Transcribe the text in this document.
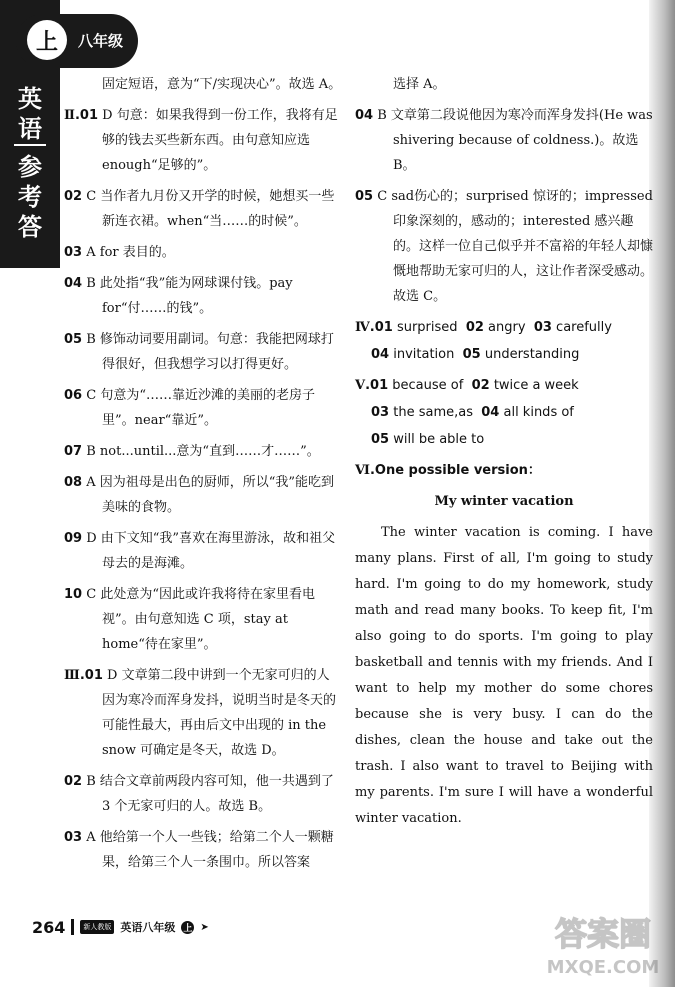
英
语
参
考
答
上	八年级
固定短语，意为“下/实现决心”。故选 A。
Ⅱ.01 D 句意：如果我得到一份工作，我将有足够的钱去买些新东西。由句意知应选 enough“足够的”。
02 C 当作者九月份又开学的时候，她想买一些新连衣裙。when“当……的时候”。
03 A for 表目的。
04 B 此处指“我”能为网球课付钱。pay for“付……的钱”。
05 B 修饰动词要用副词。句意：我能把网球打得很好，但我想学习以打得更好。
06 C 句意为“……靠近沙滩的美丽的老房子里”。near“靠近”。
07 B not...until...意为“直到……才……”。
08 A 因为祖母是出色的厨师，所以“我”能吃到美味的食物。
09 D 由下文知“我”喜欢在海里游泳，故和祖父母去的是海滩。
10 C 此处意为“因此或许我将待在家里看电视”。由句意知选 C 项，stay at home“待在家里”。
Ⅲ.01 D 文章第二段中讲到一个无家可归的人因为寒冷而浑身发抖，说明当时是冬天的可能性最大，再由后文中出现的 in the snow 可确定是冬天，故选 D。
02 B 结合文章前两段内容可知，他一共遇到了 3 个无家可归的人。故选 B。
03 A 他给第一个人一些钱；给第二个人一颗糖果，给第三个人一条围巾。所以答案
选择 A。
04 B 文章第二段说他因为寒冷而浑身发抖(He was shivering because of coldness.)。故选 B。
05 C sad伤心的；surprised 惊讶的；impressed 印象深刻的，感动的；interested 感兴趣的。这样一位自己似乎并不富裕的年轻人却慷慨地帮助无家可归的人，这让作者深受感动。故选 C。
Ⅳ.01 surprised 02 angry 03 carefully
04 invitation 05 understanding
Ⅴ.01 because of 02 twice a week
03 the same,as 04 all kinds of
05 will be able to
Ⅵ.One possible version：
My winter vacation

The winter vacation is coming. I have many plans. First of all, I'm going to study hard. I'm going to do my homework, study math and read many books. To keep fit, I'm also going to do sports. I'm going to play basketball and tennis with my friends. And I want to help my mother do some chores because she is very busy. I can do the dishes, clean the house and take out the trash. I also want to travel to Beijing with my parents. I'm sure I will have a wonderful winter vacation.

264	新人教版 英语八年级 上 ➤	答案圈
MXQE.COM
